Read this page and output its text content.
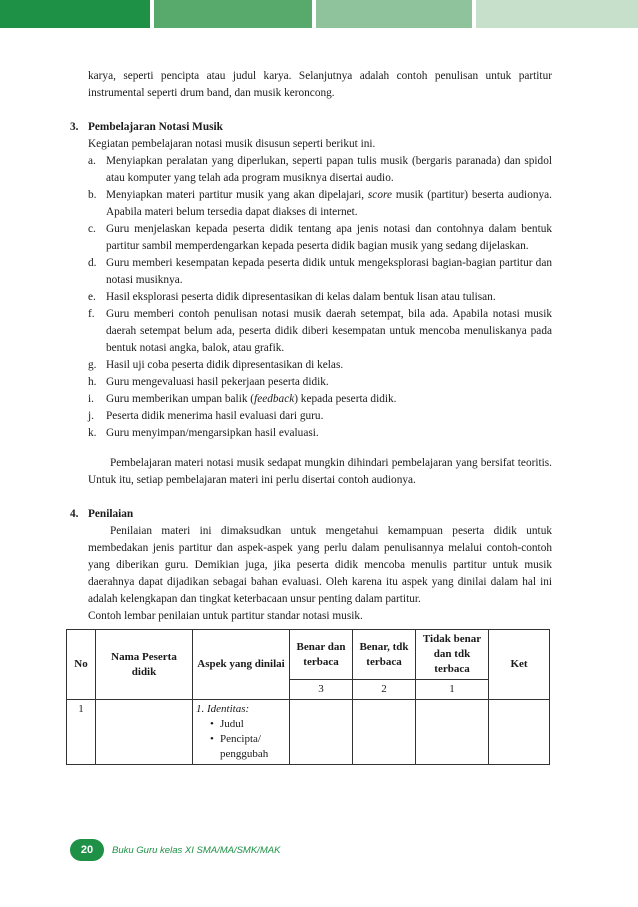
karya, seperti pencipta atau judul karya. Selanjutnya adalah contoh penulisan untuk partitur instrumental seperti drum band, dan musik keroncong.

3. Pembelajaran Notasi Musik

Kegiatan pembelajaran notasi musik disusun seperti berikut ini.

a. Menyiapkan peralatan yang diperlukan, seperti papan tulis musik (bergaris paranada) dan spidol atau komputer yang telah ada program musiknya disertai audio.
b. Menyiapkan materi partitur musik yang akan dipelajari, score musik (partitur) beserta audionya. Apabila materi belum tersedia dapat diakses di internet.
c. Guru menjelaskan kepada peserta didik tentang apa jenis notasi dan contohnya dalam bentuk partitur sambil memperdengarkan kepada peserta didik bagian musik yang sedang dijelaskan.
d. Guru memberi kesempatan kepada peserta didik untuk mengeksplorasi bagian-bagian partitur dan notasi musiknya.
e. Hasil eksplorasi peserta didik dipresentasikan di kelas dalam bentuk lisan atau tulisan.
f. Guru memberi contoh penulisan notasi musik daerah setempat, bila ada. Apabila notasi musik daerah setempat belum ada, peserta didik diberi kesempatan untuk mencoba menuliskanya pada bentuk notasi angka, balok, atau grafik.
g. Hasil uji coba peserta didik dipresentasikan di kelas.
h. Guru mengevaluasi hasil pekerjaan peserta didik.
i. Guru memberikan umpan balik (feedback) kepada peserta didik.
j. Peserta didik menerima hasil evaluasi dari guru.
k. Guru menyimpan/mengarsipkan hasil evaluasi.

Pembelajaran materi notasi musik sedapat mungkin dihindari pembelajaran yang bersifat teoritis. Untuk itu, setiap pembelajaran materi ini perlu disertai contoh audionya.

4. Penilaian

Penilaian materi ini dimaksudkan untuk mengetahui kemampuan peserta didik untuk membedakan jenis partitur dan aspek-aspek yang perlu dalam penulisannya melalui contoh-contoh yang diberikan guru. Demikian juga, jika peserta didik mencoba menulis partitur untuk musik daerahnya dapat dijadikan sebagai bahan evaluasi. Oleh karena itu aspek yang dinilai dalam hal ini adalah kelengkapan dan tingkat keterbacaan unsur penting dalam partitur.

Contoh lembar penilaian untuk partitur standar notasi musik.

No	Nama Peserta didik	Aspek yang dinilai	Benar dan terbaca	Benar, tdk terbaca	Tidak benar dan tdk terbaca	Ket
			3	2	1	
1		1. Identitas:
• Judul
• Pencipta/ penggubah				

20	Buku Guru kelas XI SMA/MA/SMK/MAK
